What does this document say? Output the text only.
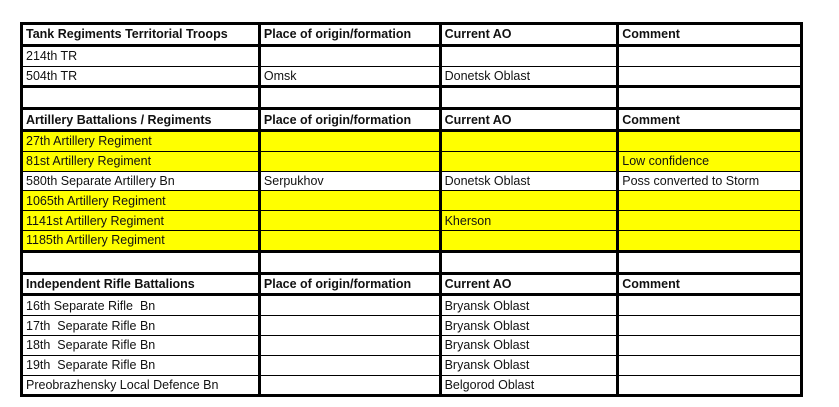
Tank Regiments Territorial Troops	Place of origin/formation	Current AO	Comment
214th TR			
504th TR	Omsk	Donetsk Oblast	

Artillery Battalions / Regiments	Place of origin/formation	Current AO	Comment
27th Artillery Regiment			
81st Artillery Regiment			Low confidence
580th Separate Artillery Bn	Serpukhov	Donetsk Oblast	Poss converted to Storm
1065th Artillery Regiment			
1141st Artillery Regiment		Kherson	
1185th Artillery Regiment			

Independent Rifle Battalions	Place of origin/formation	Current AO	Comment
16th Separate Rifle  Bn		Bryansk Oblast	
17th  Separate Rifle Bn		Bryansk Oblast	
18th  Separate Rifle Bn		Bryansk Oblast	
19th  Separate Rifle Bn		Bryansk Oblast	
Preobrazhensky Local Defence Bn		Belgorod Oblast	
